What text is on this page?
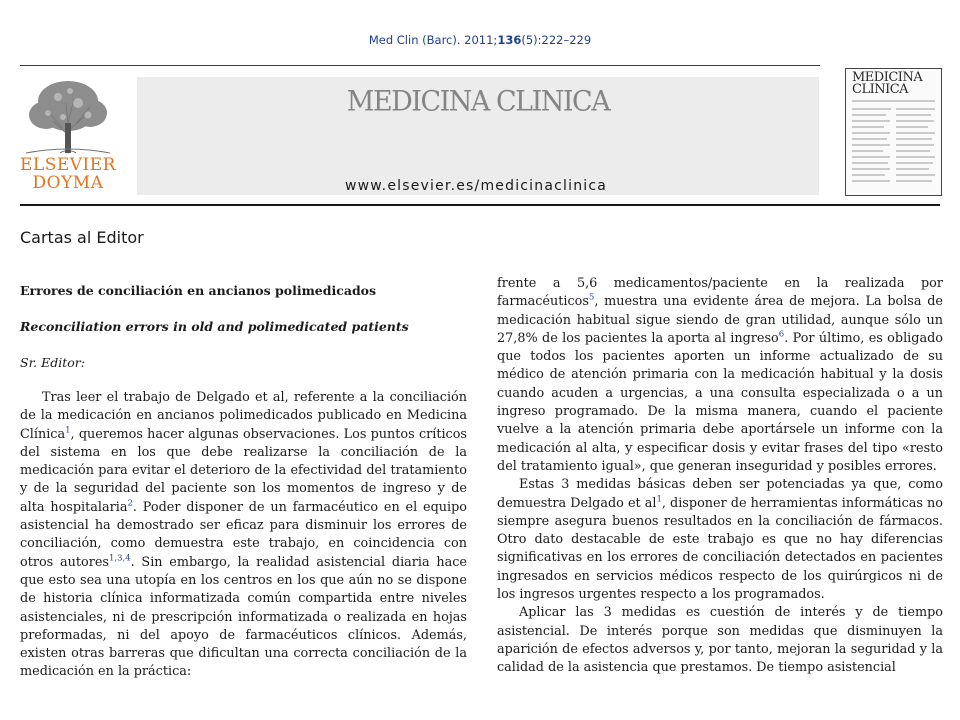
Med Clin (Barc). 2011;136(5):222–229
ELSEVIER
DOYMA
MEDICINA CLINICA
www.elsevier.es/medicinaclinica
MEDICINA
CLINICA
Cartas al Editor
Errores de conciliación en ancianos polimedicados
Reconciliation errors in old and polimedicated patients
Sr. Editor:

Tras leer el trabajo de Delgado et al, referente a la conciliación de la medicación en ancianos polimedicados publicado en Medicina Clínica$^1$, queremos hacer algunas observaciones. Los puntos críticos del sistema en los que debe realizarse la conciliación de la medicación para evitar el deterioro de la efectividad del tratamiento y de la seguridad del paciente son los momentos de ingreso y de alta hospitalaria$^2$. Poder disponer de un farmacéutico en el equipo asistencial ha demostrado ser eficaz para disminuir los errores de conciliación, como demuestra este trabajo, en coincidencia con otros autores$^{1,3,4}$. Sin embargo, la realidad asistencial diaria hace que esto sea una utopía en los centros en los que aún no se dispone de historia clínica informatizada común compartida entre niveles asistenciales, ni de prescripción informatizada o realizada en hojas preformadas, ni del apoyo de farmacéuticos clínicos. Además, existen otras barreras que dificultan una correcta conciliación de la medicación en la práctica:

frente a 5,6 medicamentos/paciente en la realizada por farmacéuticos$^5$, muestra una evidente área de mejora. La bolsa de medicación habitual sigue siendo de gran utilidad, aunque sólo un 27,8% de los pacientes la aporta al ingreso$^6$. Por último, es obligado que todos los pacientes aporten un informe actualizado de su médico de atención primaria con la medicación habitual y la dosis cuando acuden a urgencias, a una consulta especializada o a un ingreso programado. De la misma manera, cuando el paciente vuelve a la atención primaria debe aportársele un informe con la medicación al alta, y especificar dosis y evitar frases del tipo «resto del tratamiento igual», que generan inseguridad y posibles errores.

Estas 3 medidas básicas deben ser potenciadas ya que, como demuestra Delgado et $al^1$, disponer de herramientas informáticas no siempre asegura buenos resultados en la conciliación de fármacos. Otro dato destacable de este trabajo es que no hay diferencias significativas en los errores de conciliación detectados en pacientes ingresados en servicios médicos respecto de los quirúrgicos ni de los ingresos urgentes respecto a los programados.

Aplicar las 3 medidas es cuestión de interés y de tiempo asistencial. De interés porque son medidas que disminuyen la aparición de efectos adversos y, por tanto, mejoran la seguridad y la calidad de la asistencia que prestamos. De tiempo asistencial
